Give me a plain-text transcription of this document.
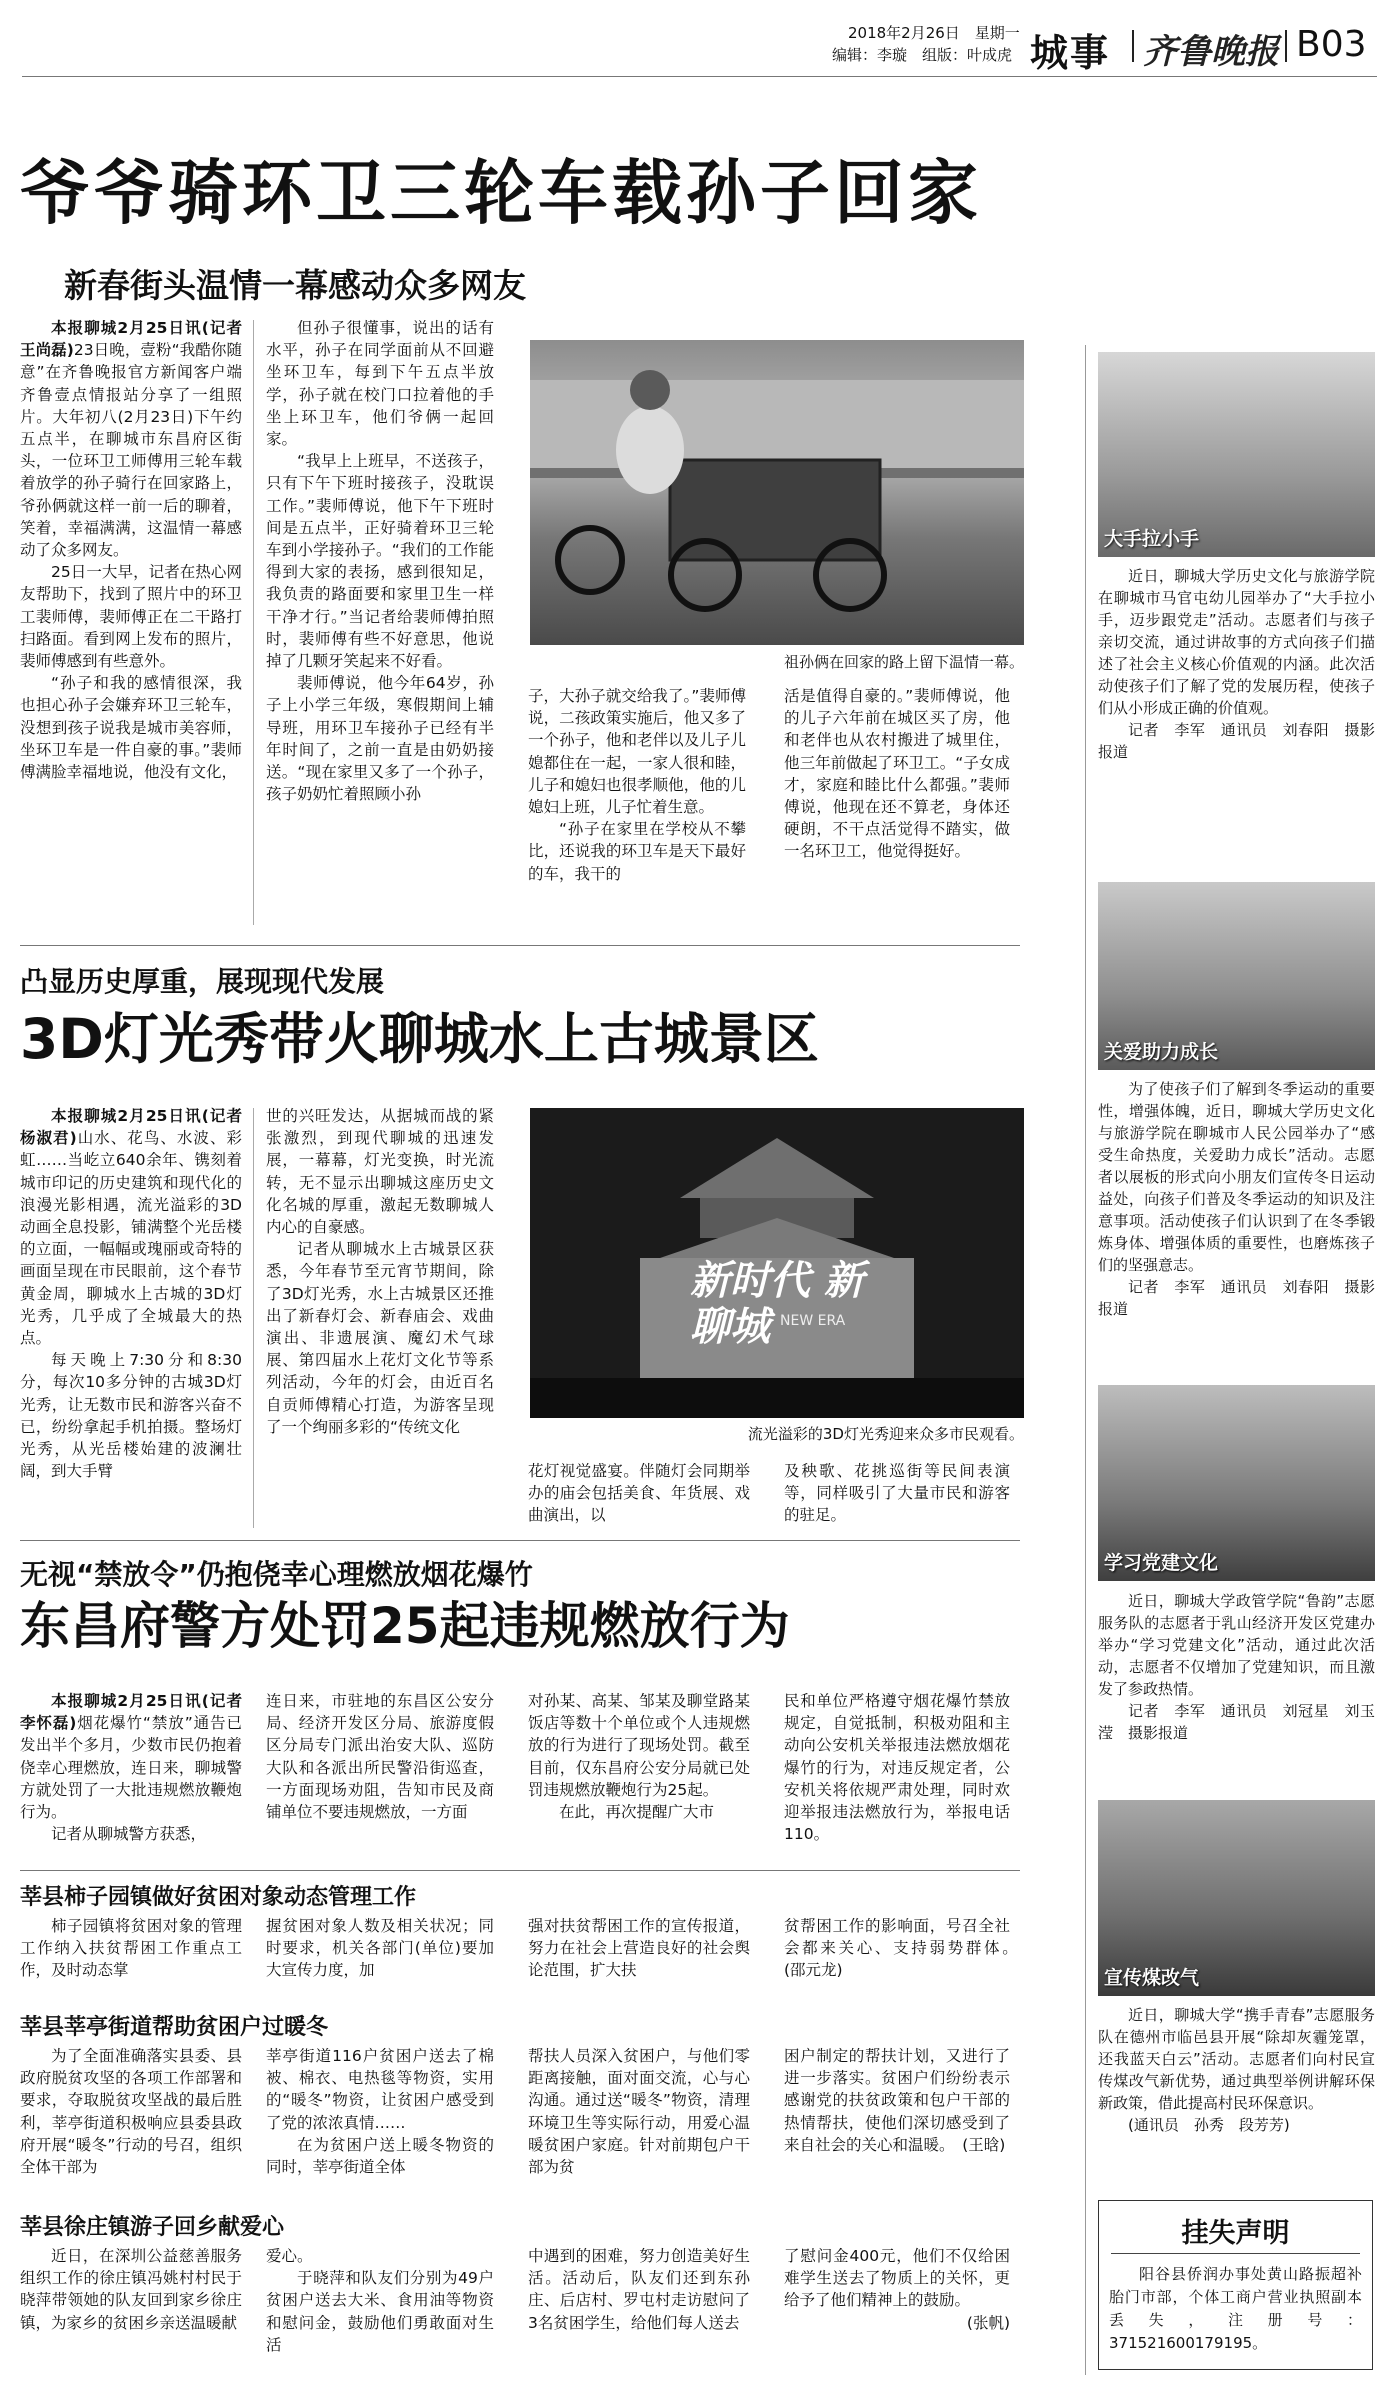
2018年2月26日　星期一
编辑：李璇　组版：叶成虎 城事 齐鲁晚报 B03
爷爷骑环卫三轮车载孙子回家
新春街头温情一幕感动众多网友

本报聊城2月25日讯(记者 王尚磊)23日晚，壹粉“我酷你随意”在齐鲁晚报官方新闻客户端齐鲁壹点情报站分享了一组照片。大年初八(2月23日)下午约五点半，在聊城市东昌府区街头，一位环卫工师傅用三轮车载着放学的孙子骑行在回家路上，爷孙俩就这样一前一后的聊着，笑着，幸福满满，这温情一幕感动了众多网友。

25日一大早，记者在热心网友帮助下，找到了照片中的环卫工裴师傅，裴师傅正在二干路打扫路面。看到网上发布的照片，裴师傅感到有些意外。

“孙子和我的感情很深，我也担心孙子会嫌弃环卫三轮车，没想到孩子说我是城市美容师，坐环卫车是一件自豪的事。”裴师傅满脸幸福地说，他没有文化，

但孙子很懂事，说出的话有水平，孙子在同学面前从不回避坐环卫车，每到下午五点半放学，孙子就在校门口拉着他的手坐上环卫车，他们爷俩一起回家。

“我早上上班早，不送孩子，只有下午下班时接孩子，没耽误工作。”裴师傅说，他下午下班时间是五点半，正好骑着环卫三轮车到小学接孙子。“我们的工作能得到大家的表扬，感到很知足，我负责的路面要和家里卫生一样干净才行。”当记者给裴师傅拍照时，裴师傅有些不好意思，他说掉了几颗牙笑起来不好看。

裴师傅说，他今年64岁，孙子上小学三年级，寒假期间上辅导班，用环卫车接孙子已经有半年时间了，之前一直是由奶奶接送。“现在家里又多了一个孙子，孩子奶奶忙着照顾小孙

祖孙俩在回家的路上留下温情一幕。

子，大孙子就交给我了。”裴师傅说，二孩政策实施后，他又多了一个孙子，他和老伴以及儿子儿媳都住在一起，一家人很和睦，儿子和媳妇也很孝顺他，他的儿媳妇上班，儿子忙着生意。

“孙子在家里在学校从不攀比，还说我的环卫车是天下最好的车，我干的

活是值得自豪的。”裴师傅说，他的儿子六年前在城区买了房，他和老伴也从农村搬进了城里住，他三年前做起了环卫工。“子女成才，家庭和睦比什么都强。”裴师傅说，他现在还不算老，身体还硬朗，不干点活觉得不踏实，做一名环卫工，他觉得挺好。

凸显历史厚重，展现现代发展
3D灯光秀带火聊城水上古城景区

本报聊城2月25日讯(记者 杨淑君)山水、花鸟、水波、彩虹……当屹立640余年、镌刻着城市印记的历史建筑和现代化的浪漫光影相遇，流光溢彩的3D动画全息投影，铺满整个光岳楼的立面，一幅幅或瑰丽或奇特的画面呈现在市民眼前，这个春节黄金周，聊城水上古城的3D灯光秀，几乎成了全城最大的热点。

每天晚上7:30分和8:30分，每次10多分钟的古城3D灯光秀，让无数市民和游客兴奋不已，纷纷拿起手机拍摄。整场灯光秀，从光岳楼始建的波澜壮阔，到大手臂

世的兴旺发达，从据城而战的紧张激烈，到现代聊城的迅速发展，一幕幕，灯光变换，时光流转，无不显示出聊城这座历史文化名城的厚重，激起无数聊城人内心的自豪感。

记者从聊城水上古城景区获悉，今年春节至元宵节期间，除了3D灯光秀，水上古城景区还推出了新春灯会、新春庙会、戏曲演出、非遗展演、魔幻术气球展、第四届水上花灯文化节等系列活动，今年的灯会，由近百名自贡师傅精心打造，为游客呈现了一个绚丽多彩的“传统文化

新时代 新聊城 NEW ERA
流光溢彩的3D灯光秀迎来众多市民观看。

花灯视觉盛宴。伴随灯会同期举办的庙会包括美食、年货展、戏曲演出，以

及秧歌、花挑巡街等民间表演等，同样吸引了大量市民和游客的驻足。

无视“禁放令”仍抱侥幸心理燃放烟花爆竹
东昌府警方处罚25起违规燃放行为

本报聊城2月25日讯(记者 李怀磊)烟花爆竹“禁放”通告已发出半个多月，少数市民仍抱着侥幸心理燃放，连日来，聊城警方就处罚了一大批违规燃放鞭炮行为。

记者从聊城警方获悉，

连日来，市驻地的东昌区公安分局、经济开发区分局、旅游度假区分局专门派出治安大队、巡防大队和各派出所民警沿街巡查，一方面现场劝阻，告知市民及商铺单位不要违规燃放，一方面

对孙某、高某、邹某及聊堂路某饭店等数十个单位或个人违规燃放的行为进行了现场处罚。截至目前，仅东昌府公安分局就已处罚违规燃放鞭炮行为25起。

在此，再次提醒广大市

民和单位严格遵守烟花爆竹禁放规定，自觉抵制，积极劝阻和主动向公安机关举报违法燃放烟花爆竹的行为，对违反规定者，公安机关将依规严肃处理，同时欢迎举报违法燃放行为，举报电话110。

莘县柿子园镇做好贫困对象动态管理工作

柿子园镇将贫困对象的管理工作纳入扶贫帮困工作重点工作，及时动态掌

握贫困对象人数及相关状况；同时要求，机关各部门(单位)要加大宣传力度，加

强对扶贫帮困工作的宣传报道，努力在社会上营造良好的社会舆论范围，扩大扶

贫帮困工作的影响面，号召全社会都来关心、支持弱势群体。　(邵元龙)

莘县莘亭街道帮助贫困户过暖冬

为了全面准确落实县委、县政府脱贫攻坚的各项工作部署和要求，夺取脱贫攻坚战的最后胜利，莘亭街道积极响应县委县政府开展“暖冬”行动的号召，组织全体干部为

莘亭街道116户贫困户送去了棉被、棉衣、电热毯等物资，实用的“暖冬”物资，让贫困户感受到了党的浓浓真情……

在为贫困户送上暖冬物资的同时，莘亭街道全体

帮扶人员深入贫困户，与他们零距离接触，面对面交流，心与心沟通。通过送“暖冬”物资，清理环境卫生等实际行动，用爱心温暖贫困户家庭。针对前期包户干部为贫

困户制定的帮扶计划，又进行了进一步落实。贫困户们纷纷表示感谢党的扶贫政策和包户干部的热情帮扶，使他们深切感受到了来自社会的关心和温暖。　(王晗)

莘县徐庄镇游子回乡献爱心

近日，在深圳公益慈善服务组织工作的徐庄镇冯姚村村民于晓萍带领她的队友回到家乡徐庄镇，为家乡的贫困乡亲送温暖献

爱心。

于晓萍和队友们分别为49户贫困户送去大米、食用油等物资和慰问金，鼓励他们勇敢面对生活

中遇到的困难，努力创造美好生活。活动后，队友们还到东孙庄、后店村、罗屯村走访慰问了3名贫困学生，给他们每人送去

了慰问金400元，他们不仅给困难学生送去了物质上的关怀，更给予了他们精神上的鼓励。

(张帆)

大手拉小手

近日，聊城大学历史文化与旅游学院在聊城市马官屯幼儿园举办了“大手拉小手，迈步跟党走”活动。志愿者们与孩子亲切交流，通过讲故事的方式向孩子们描述了社会主义核心价值观的内涵。此次活动使孩子们了解了党的发展历程，使孩子们从小形成正确的价值观。

记者　李军　通讯员　刘春阳　摄影报道

关爱助力成长

为了使孩子们了解到冬季运动的重要性，增强体魄，近日，聊城大学历史文化与旅游学院在聊城市人民公园举办了“感受生命热度，关爱助力成长”活动。志愿者以展板的形式向小朋友们宣传冬日运动益处，向孩子们普及冬季运动的知识及注意事项。活动使孩子们认识到了在冬季锻炼身体、增强体质的重要性，也磨炼孩子们的坚强意志。

记者　李军　通讯员　刘春阳　摄影报道

学习党建文化

近日，聊城大学政管学院“鲁韵”志愿服务队的志愿者于乳山经济开发区党建办举办“学习党建文化”活动，通过此次活动，志愿者不仅增加了党建知识，而且激发了参政热情。

记者　李军　通讯员　刘冠星　刘玉滢　摄影报道

宣传煤改气

近日，聊城大学“携手青春”志愿服务队在德州市临邑县开展“除却灰霾笼罩，还我蓝天白云”活动。志愿者们向村民宣传煤改气新优势，通过典型举例讲解环保新政策，借此提高村民环保意识。

(通讯员　孙秀　段芳芳)

挂失声明
阳谷县侨润办事处黄山路振超补胎门市部，个体工商户营业执照副本丢失，注册号：371521600179195。
